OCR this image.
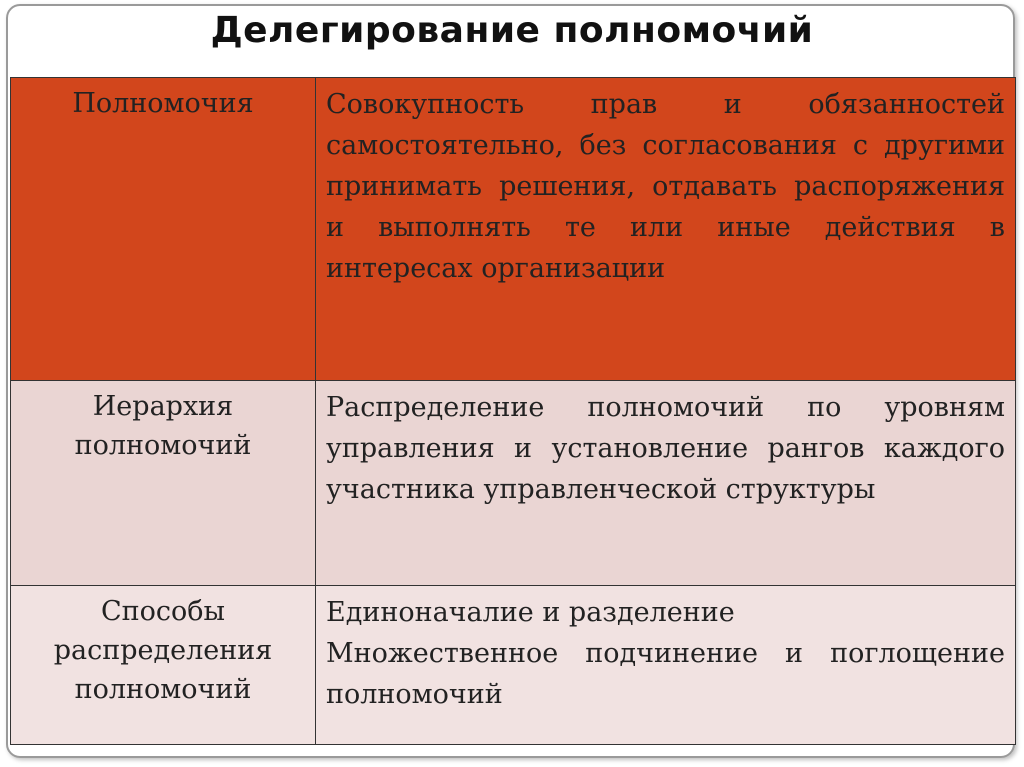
Делегирование полномочий
Полномочия	Совокупность прав и обязанностей самостоятельно, без согласования с другими принимать решения, отдавать распоряжения и выполнять те или иные действия в интересах организации
Иерархия полномочий	Распределение полномочий по уровням управления и установление рангов каждого участника управленческой структуры
Способы распределения полномочий	Единоначалие и разделение
Множественное подчинение и поглощение полномочий
